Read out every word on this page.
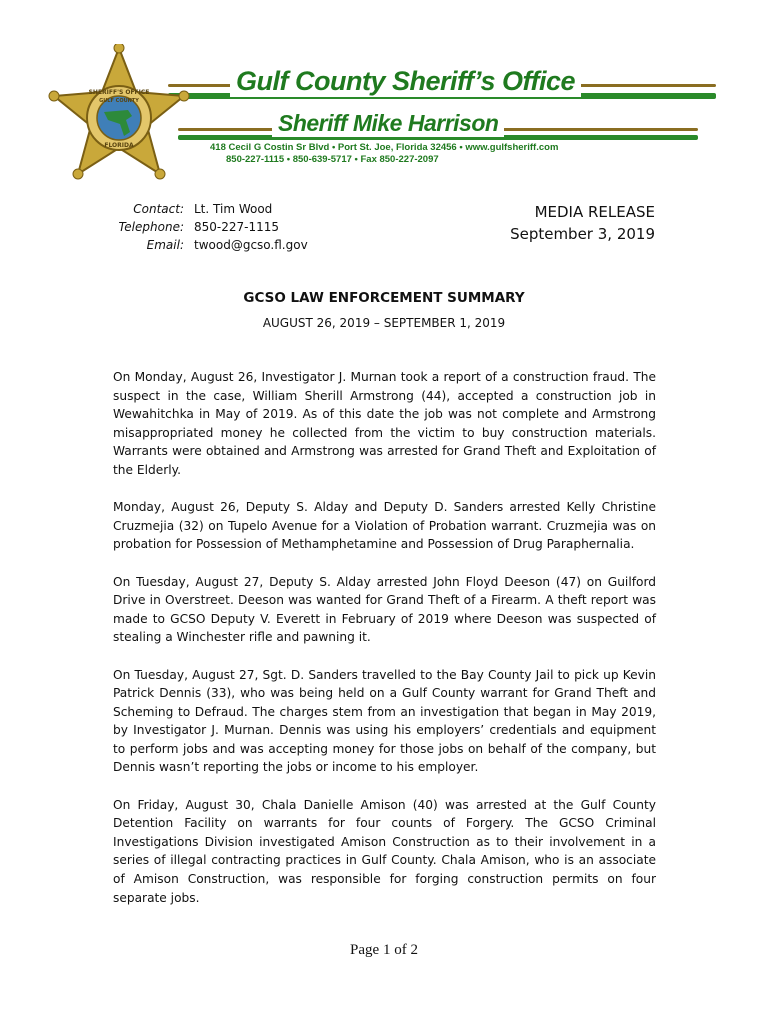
SHERIFF'S OFFICE
GULF COUNTY
FLORIDA
Gulf County Sheriff’s Office
Sheriff Mike Harrison
418 Cecil G Costin Sr Blvd • Port St. Joe, Florida 32456 • www.gulfsheriff.com
850-227-1115 • 850-639-5717 • Fax 850-227-2097
Contact: Lt. Tim Wood
Telephone: 850-227-1115
Email: twood@gcso.fl.gov
MEDIA RELEASE
September 3, 2019
GCSO LAW ENFORCEMENT SUMMARY
AUGUST 26, 2019 – SEPTEMBER 1, 2019

On Monday, August 26, Investigator J. Murnan took a report of a construction fraud. The suspect in the case, William Sherill Armstrong (44), accepted a construction job in Wewahitchka in May of 2019. As of this date the job was not complete and Armstrong misappropriated money he collected from the victim to buy construction materials. Warrants were obtained and Armstrong was arrested for Grand Theft and Exploitation of the Elderly.

Monday, August 26, Deputy S. Alday and Deputy D. Sanders arrested Kelly Christine Cruzmejia (32) on Tupelo Avenue for a Violation of Probation warrant. Cruzmejia was on probation for Possession of Methamphetamine and Possession of Drug Paraphernalia.

On Tuesday, August 27, Deputy S. Alday arrested John Floyd Deeson (47) on Guilford Drive in Overstreet. Deeson was wanted for Grand Theft of a Firearm. A theft report was made to GCSO Deputy V. Everett in February of 2019 where Deeson was suspected of stealing a Winchester rifle and pawning it.

On Tuesday, August 27, Sgt. D. Sanders travelled to the Bay County Jail to pick up Kevin Patrick Dennis (33), who was being held on a Gulf County warrant for Grand Theft and Scheming to Defraud. The charges stem from an investigation that began in May 2019, by Investigator J. Murnan. Dennis was using his employers’ credentials and equipment to perform jobs and was accepting money for those jobs on behalf of the company, but Dennis wasn’t reporting the jobs or income to his employer.

On Friday, August 30, Chala Danielle Amison (40) was arrested at the Gulf County Detention Facility on warrants for four counts of Forgery. The GCSO Criminal Investigations Division investigated Amison Construction as to their involvement in a series of illegal contracting practices in Gulf County. Chala Amison, who is an associate of Amison Construction, was responsible for forging construction permits on four separate jobs.

Page 1 of 2
